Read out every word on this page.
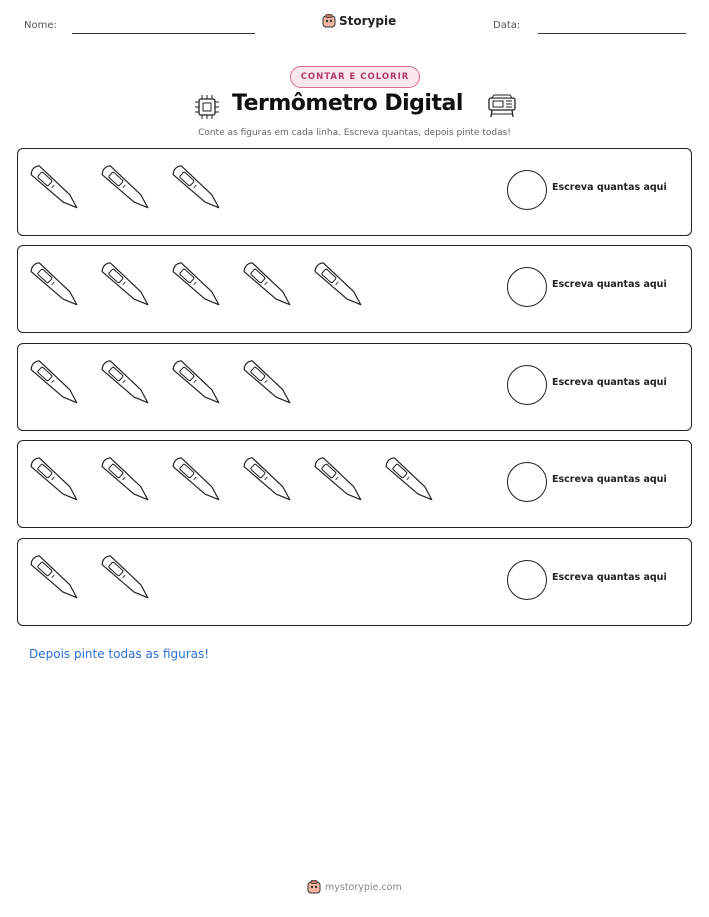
Nome:	Storypie	Data:
CONTAR E COLORIR
Termômetro Digital
Conte as figuras em cada linha. Escreva quantas, depois pinte todas!
Escreva quantas aqui
Escreva quantas aqui
Escreva quantas aqui
Escreva quantas aqui
Escreva quantas aqui
Depois pinte todas as figuras!
mystorypie.com
